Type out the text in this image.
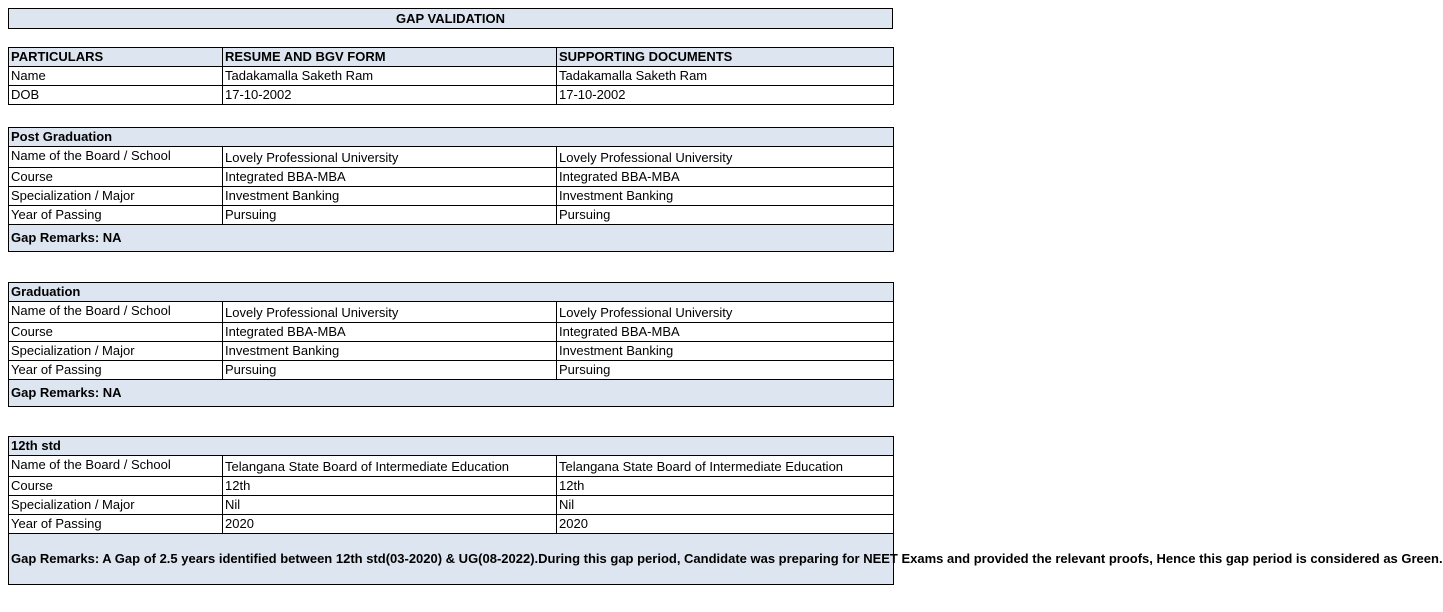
GAP VALIDATION
PARTICULARS	RESUME AND BGV FORM	SUPPORTING DOCUMENTS
Name	Tadakamalla Saketh Ram	Tadakamalla Saketh Ram
DOB	17-10-2002	17-10-2002
Post Graduation		
Name of the Board / School	Lovely Professional University	Lovely Professional University
Course	Integrated BBA-MBA	Integrated BBA-MBA
Specialization / Major	Investment Banking	Investment Banking
Year of Passing	Pursuing	Pursuing
Gap Remarks: NA		
Graduation		
Name of the Board / School	Lovely Professional University	Lovely Professional University
Course	Integrated BBA-MBA	Integrated BBA-MBA
Specialization / Major	Investment Banking	Investment Banking
Year of Passing	Pursuing	Pursuing
Gap Remarks: NA		
12th std		
Name of the Board / School	Telangana State Board of Intermediate Education	Telangana State Board of Intermediate Education
Course	12th	12th
Specialization / Major	Nil	Nil
Year of Passing	2020	2020
Gap Remarks: A Gap of 2.5 years identified between 12th std(03-2020) & UG(08-2022).During this gap period, Candidate was preparing for NEET Exams and provided the relevant proofs, Hence this gap period is considered as Green.		
